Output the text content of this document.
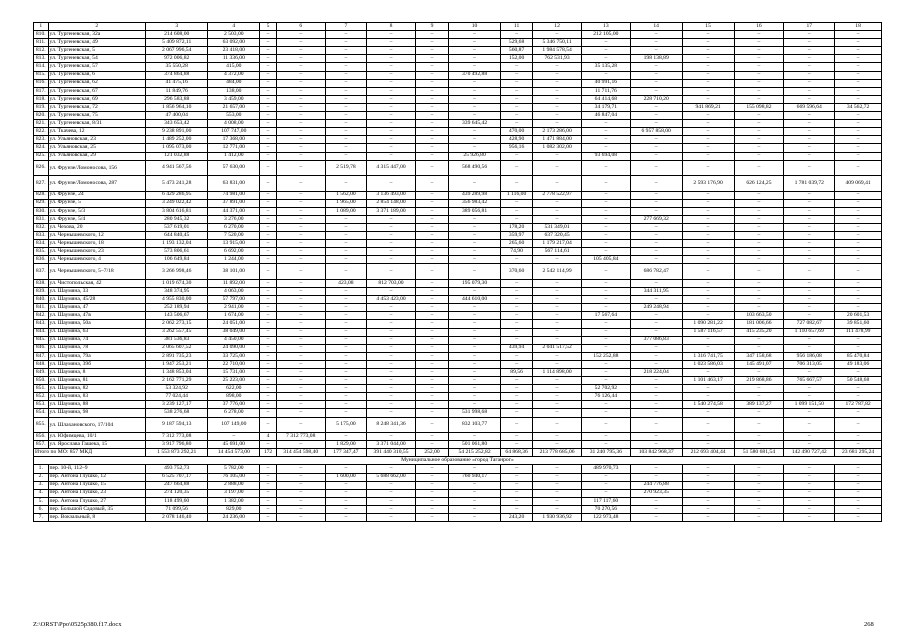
1	2	3	4	5	6	7	8	9	10	11	12	13	14	15	16	17	18
810.	ул. Тургеневская, 32а	214 608,00	2 503,00	–	–	–	–	–	–	–	–	212 105,00	–	–	–	–	–
811.	ул. Тургеневская, 49	5 409 872,11	63 092,00	–	–	–	–	–	–	529,68	5 346 750,11	–	–	–	–	–	–
812.	ул. Тургеневская, 5	2 067 996,54	23 418,00	–	–	–	–	–	–	560,87	1 984 578,54	–	–	–	–	–	–
813.	ул. Тургеневская, 54	972 006,82	11 336,00	–	–	–	–	–	–	152,00	762 531,93	–	198 138,89	–	–	–	–
814.	ул. Тургеневская, 57	35 550,28	415,00	–	–	–	–	–	–	–	–	35 135,28	–	–	–	–	–
815.	ул. Тургеневская, 6	374 864,88	4 372,00	–	–	–	–	–	370 492,88	–	–	–	–	–	–	–	–
816.	ул. Тургеневская, 62	41 475,16	484,00	–	–	–	–	–	–	–	–	40 991,16	–	–	–	–	–
817.	ул. Тургеневская, 67	11 849,76	138,00	–	–	–	–	–	–	–	–	11 711,76	–	–	–	–	–
818.	ул. Тургеневская, 69	296 583,88	3 459,00	–	–	–	–	–	–	–	–	64 414,68	228 710,20	–	–	–	–
819.	ул. Тургеневская, 72	1 856 964,10	21 657,00	–	–	–	–	–	–	–	–	34 179,71	–	941 869,21	155 098,82	669 596,64	34 562,72
820.	ул. Тургеневская, 75	47 400,04	553,00	–	–	–	–	–	–	–	–	46 847,04	–	–	–	–	–
821.	ул. Тургеневская, 8/31	343 653,42	4 008,00	–	–	–	–	–	339 645,42	–	–	–	–	–	–	–	–
822.	ул. Ткачева, 12	9 238 891,00	107 747,00	–	–	–	–	–	–	470,00	2 173 286,00	–	6 957 858,00	–	–	–	–
823.	ул. Ульяновская, 23	1 489 252,00	17 368,00	–	–	–	–	–	–	428,90	1 471 884,00	–	–	–	–	–	–
824.	ул. Ульяновская, 25	1 095 073,00	12 771,00	–	–	–	–	–	–	956,16	1 082 302,00	–	–	–	–	–	–
825.	ул. Ульяновская, 29	121 032,88	1 412,00	–	–	–	–	–	25 926,80	–	–	93 694,08	–	–	–	–	–
826.	ул. Фрунзе/Ломоносова, 156	4 941 567,56	57 630,00	–	–	2 519,78	4 315 447,00	–	568 490,56	–	–	–	–	–	–	–	–
827.	ул. Фрунзе/Ломоносова, 287	5 473 241,28	63 831,00	–	–	–	–	–	–	–	–	–	–	2 593 176,90	626 124,25	1 781 039,72	409 069,41
828.	ул. Фрунзе, 24	6 429 286,95	74 981,00	–	–	1 562,00	3 136 493,00	–	439 289,98	1 116,00	2 778 522,97	–	–	–	–	–	–
829.	ул. Фрунзе, 5	3 249 022,42	37 891,00	–	–	1 965,00	2 854 148,00	–	356 983,42	–	–	–	–	–	–	–	–
830.	ул. Фрунзе, 5/3	3 804 616,81	44 371,00	–	–	1 089,00	3 371 189,00	–	389 056,81	–	–	–	–	–	–	–	–
831.	ул. Фрунзе, 5/4	280 945,32	3 276,00	–	–	–	–	–	–	–	–	–	277 669,32	–	–	–	–
832.	ул. Чехова, 20	537 619,01	6 270,00	–	–	–	–	–	–	178,20	531 349,01	–	–	–	–	–	–
833.	ул. Чернышевского, 12	644 840,45	7 520,00	–	–	–	–	–	–	359,97	637 320,45	–	–	–	–	–	–
834.	ул. Чернышевского, 18	1 193 132,04	13 915,00	–	–	–	–	–	–	265,60	1 179 217,04	–	–	–	–	–	–
835.	ул. Чернышевского, 23	573 806,61	6 692,00	–	–	–	–	–	–	74,90	567 114,61	–	–	–	–	–	–
836.	ул. Чернышевского, 4	106 649,84	1 244,00	–	–	–	–	–	–	–	–	105 405,84	–	–	–	–	–
837.	ул. Чернышевского, 5–7/18	3 266 998,46	38 101,00	–	–	–	–	–	–	370,60	2 542 114,99	–	686 782,47	–	–	–	–
838.	ул. Чистопольская, 42	1 019 674,30	11 892,00	–	–	423,08	812 703,00	–	195 079,30	–	–	–	–	–	–	–	–
839.	ул. Шаумяна, 33	348 374,95	4 063,00	–	–	–	–	–	–	–	–	–	344 311,95	–	–	–	–
840.	ул. Шаумяна, 45/28	4 955 830,00	57 797,00	–	–	–	4 453 423,00	–	444 610,00	–	–	–	–	–	–	–	–
841.	ул. Шаумяна, 47	252 189,94	2 941,00	–	–	–	–	–	–	–	–	–	249 248,94	–	–	–	–
842.	ул. Шаумяна, 47в	143 506,67	1 674,00	–	–	–	–	–	–	–	–	17 567,64	–	–	103 663,50	–	20 601,53
843.	ул. Шаумяна, 50а	2 062 273,15	24 051,00	–	–	–	–	–	–	–	–	–	–	1 090 281,22	181 006,66	727 082,67	39 851,60
844.	ул. Шаумяна, 63	3 262 557,45	38 049,00	–	–	–	–	–	–	–	–	–	–	1 587 116,57	415 235,20	1 110 657,69	111 478,99
845.	ул. Шаумяна, 74	381 536,83	4 450,00	–	–	–	–	–	–	–	–	–	377 086,83	–	–	–	–
846.	ул. Шаумяна, 78	2 065 607,52	24 090,00	–	–	–	–	–	–	439,94	2 041 517,52	–	–	–	–	–	–
847.	ул. Шаумяна, 79а	2 891 735,23	33 725,00	–	–	–	–	–	–	–	–	152 252,88	–	1 316 741,75	347 158,68	956 186,08	85 470,84
848.	ул. Шаумяна, 39б	1 947 253,21	22 710,00	–	–	–	–	–	–	–	–	–	–	1 023 586,03	145 491,07	706 313,05	49 183,06
849.	ул. Шаумяна, 8	1 348 853,04	15 731,00	–	–	–	–	–	–	89,56	1 114 898,00	–	218 224,04	–	–	–	–
850.	ул. Шаумяна, 81	2 162 771,29	25 223,00	–	–	–	–	–	–	–	–	–	–	1 101 463,17	219 868,86	765 667,57	50 548,68
851.	ул. Шаумяна, 82	53 324,92	622,00	–	–	–	–	–	–	–	–	52 702,92	–	–	–	–	–
852.	ул. Шаумяна, 83	77 024,44	898,00	–	–	–	–	–	–	–	–	76 126,44	–	–	–	–	–
853.	ул. Шаумяна, 88	3 239 127,17	37 776,00	–	–	–	–	–	–	–	–	–	–	1 540 274,58	389 137,27	1 099 151,50	172 787,82
854.	ул. Шаумяна, 98	538 276,68	6 278,00	–	–	–	–	–	531 998,68	–	–	–	–	–	–	–	–
855.	ул. Шлахановского, 17/104	9 187 594,13	107 149,00	–	–	5 175,00	8 248 341,36	–	832 103,77	–	–	–	–	–	–	–	–
856.	ул. Юфимцева, 10/1	7 312 773,08	–	4	7 312 773,08	–	–	–	–	–	–	–	–	–	–	–	–
857.	ул. Ярослава Гашека, 15	3 917 796,80	45 691,00	–	–	1 829,00	3 371 044,00	–	501 061,80	–	–	–	–	–	–	–	–
Итого по МО: 857 МКД		1 553 873 292,21	14 454 573,00	172	314 454 598,40	177 347,47	391 440 310,55	252,00	54 215 252,82	64 868,36	213 778 685,06	31 240 795,36	103 842 968,37	212 693 404,44	51 580 681,54	142 490 727,42	23 681 295,24
Муниципальное образование «город Таганрог»																	
1.	пер. 10-й, 112–9	493 752,73	5 782,00	–	–	–	–	–	–	–	–	489 970,73	–	–	–	–	–
2.	пер. Антона Глушко, 12	6 525 707,17	76 105,00	–	–	1 600,00	5 688 662,00	–	760 940,17	–	–	–	–	–	–	–	–
3.	пер. Антона Глушко, 15	247 664,88	2 888,00	–	–	–	–	–	–	–	–	–	244 776,88	–	–	–	–
4.	пер. Антона Глушко, 23	274 120,35	3 197,00	–	–	–	–	–	–	–	–	–	270 923,35	–	–	–	–
5.	пер. Антона Глушко, 27	118 499,60	1 382,00	–	–	–	–	–	–	–	–	117 117,60	–	–	–	–	–
6.	пер. Большой Садовый, 35	71 099,56	829,00	–	–	–	–	–	–	–	–	70 270,56	–	–	–	–	–
7.	пер. Вокзальный, 8	2 078 146,40	24 236,00	–	–	–	–	–	–	243,20	1 930 936,92	122 973,48	–	–	–	–	–
Z:\ORST\Ppo\0525p380.f17.docx	268
